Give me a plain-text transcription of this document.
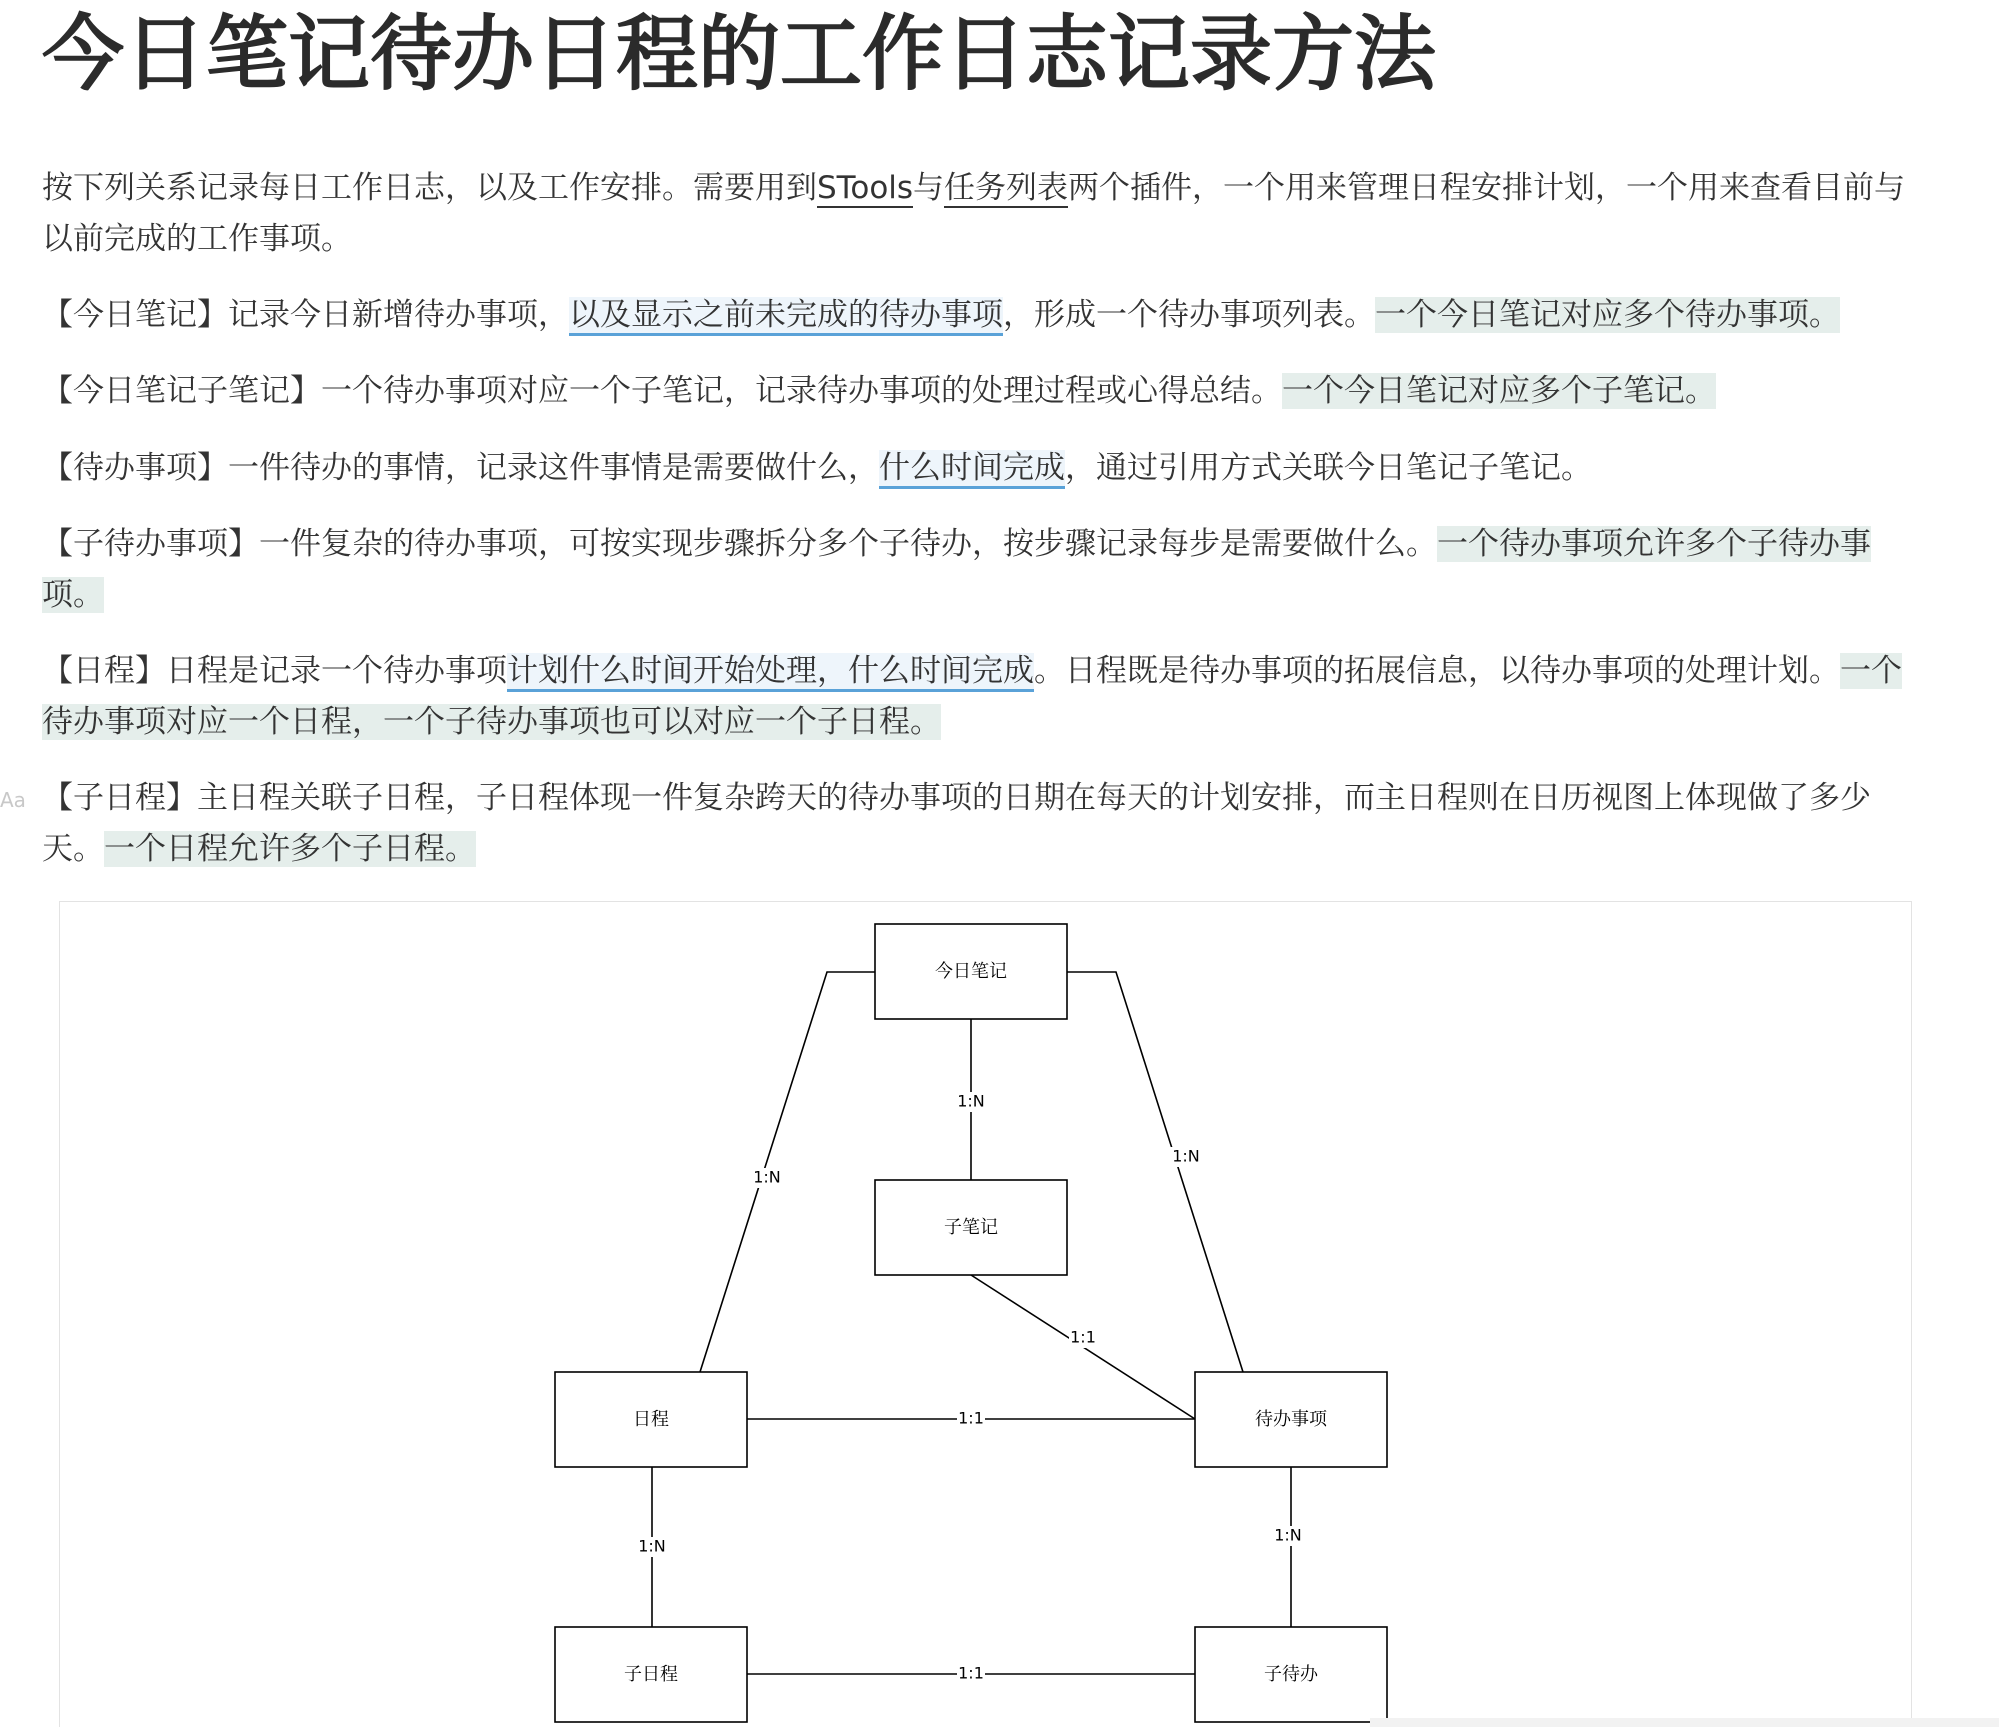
今日笔记待办日程的工作日志记录方法

按下列关系记录每日工作日志，以及工作安排。需要用到STools与任务列表两个插件，一个用来管理日程安排计划，一个用来查看目前与以前完成的工作事项。

【今日笔记】记录今日新增待办事项，以及显示之前未完成的待办事项，形成一个待办事项列表。一个今日笔记对应多个待办事项。

【今日笔记子笔记】一个待办事项对应一个子笔记，记录待办事项的处理过程或心得总结。一个今日笔记对应多个子笔记。

【待办事项】一件待办的事情，记录这件事情是需要做什么，什么时间完成，通过引用方式关联今日笔记子笔记。

【子待办事项】一件复杂的待办事项，可按实现步骤拆分多个子待办，按步骤记录每步是需要做什么。一个待办事项允许多个子待办事项。

【日程】日程是记录一个待办事项计划什么时间开始处理，什么时间完成。日程既是待办事项的拓展信息，以待办事项的处理计划。一个待办事项对应一个日程，一个子待办事项也可以对应一个子日程。

Aa 【子日程】主日程关联子日程，子日程体现一件复杂跨天的待办事项的日期在每天的计划安排，而主日程则在日历视图上体现做了多少天。一个日程允许多个子日程。

今日笔记
子笔记
日程	待办事项
子日程	子待办
1:N
1:N
1:N
1:1
1:1
1:N
1:N
1:1
